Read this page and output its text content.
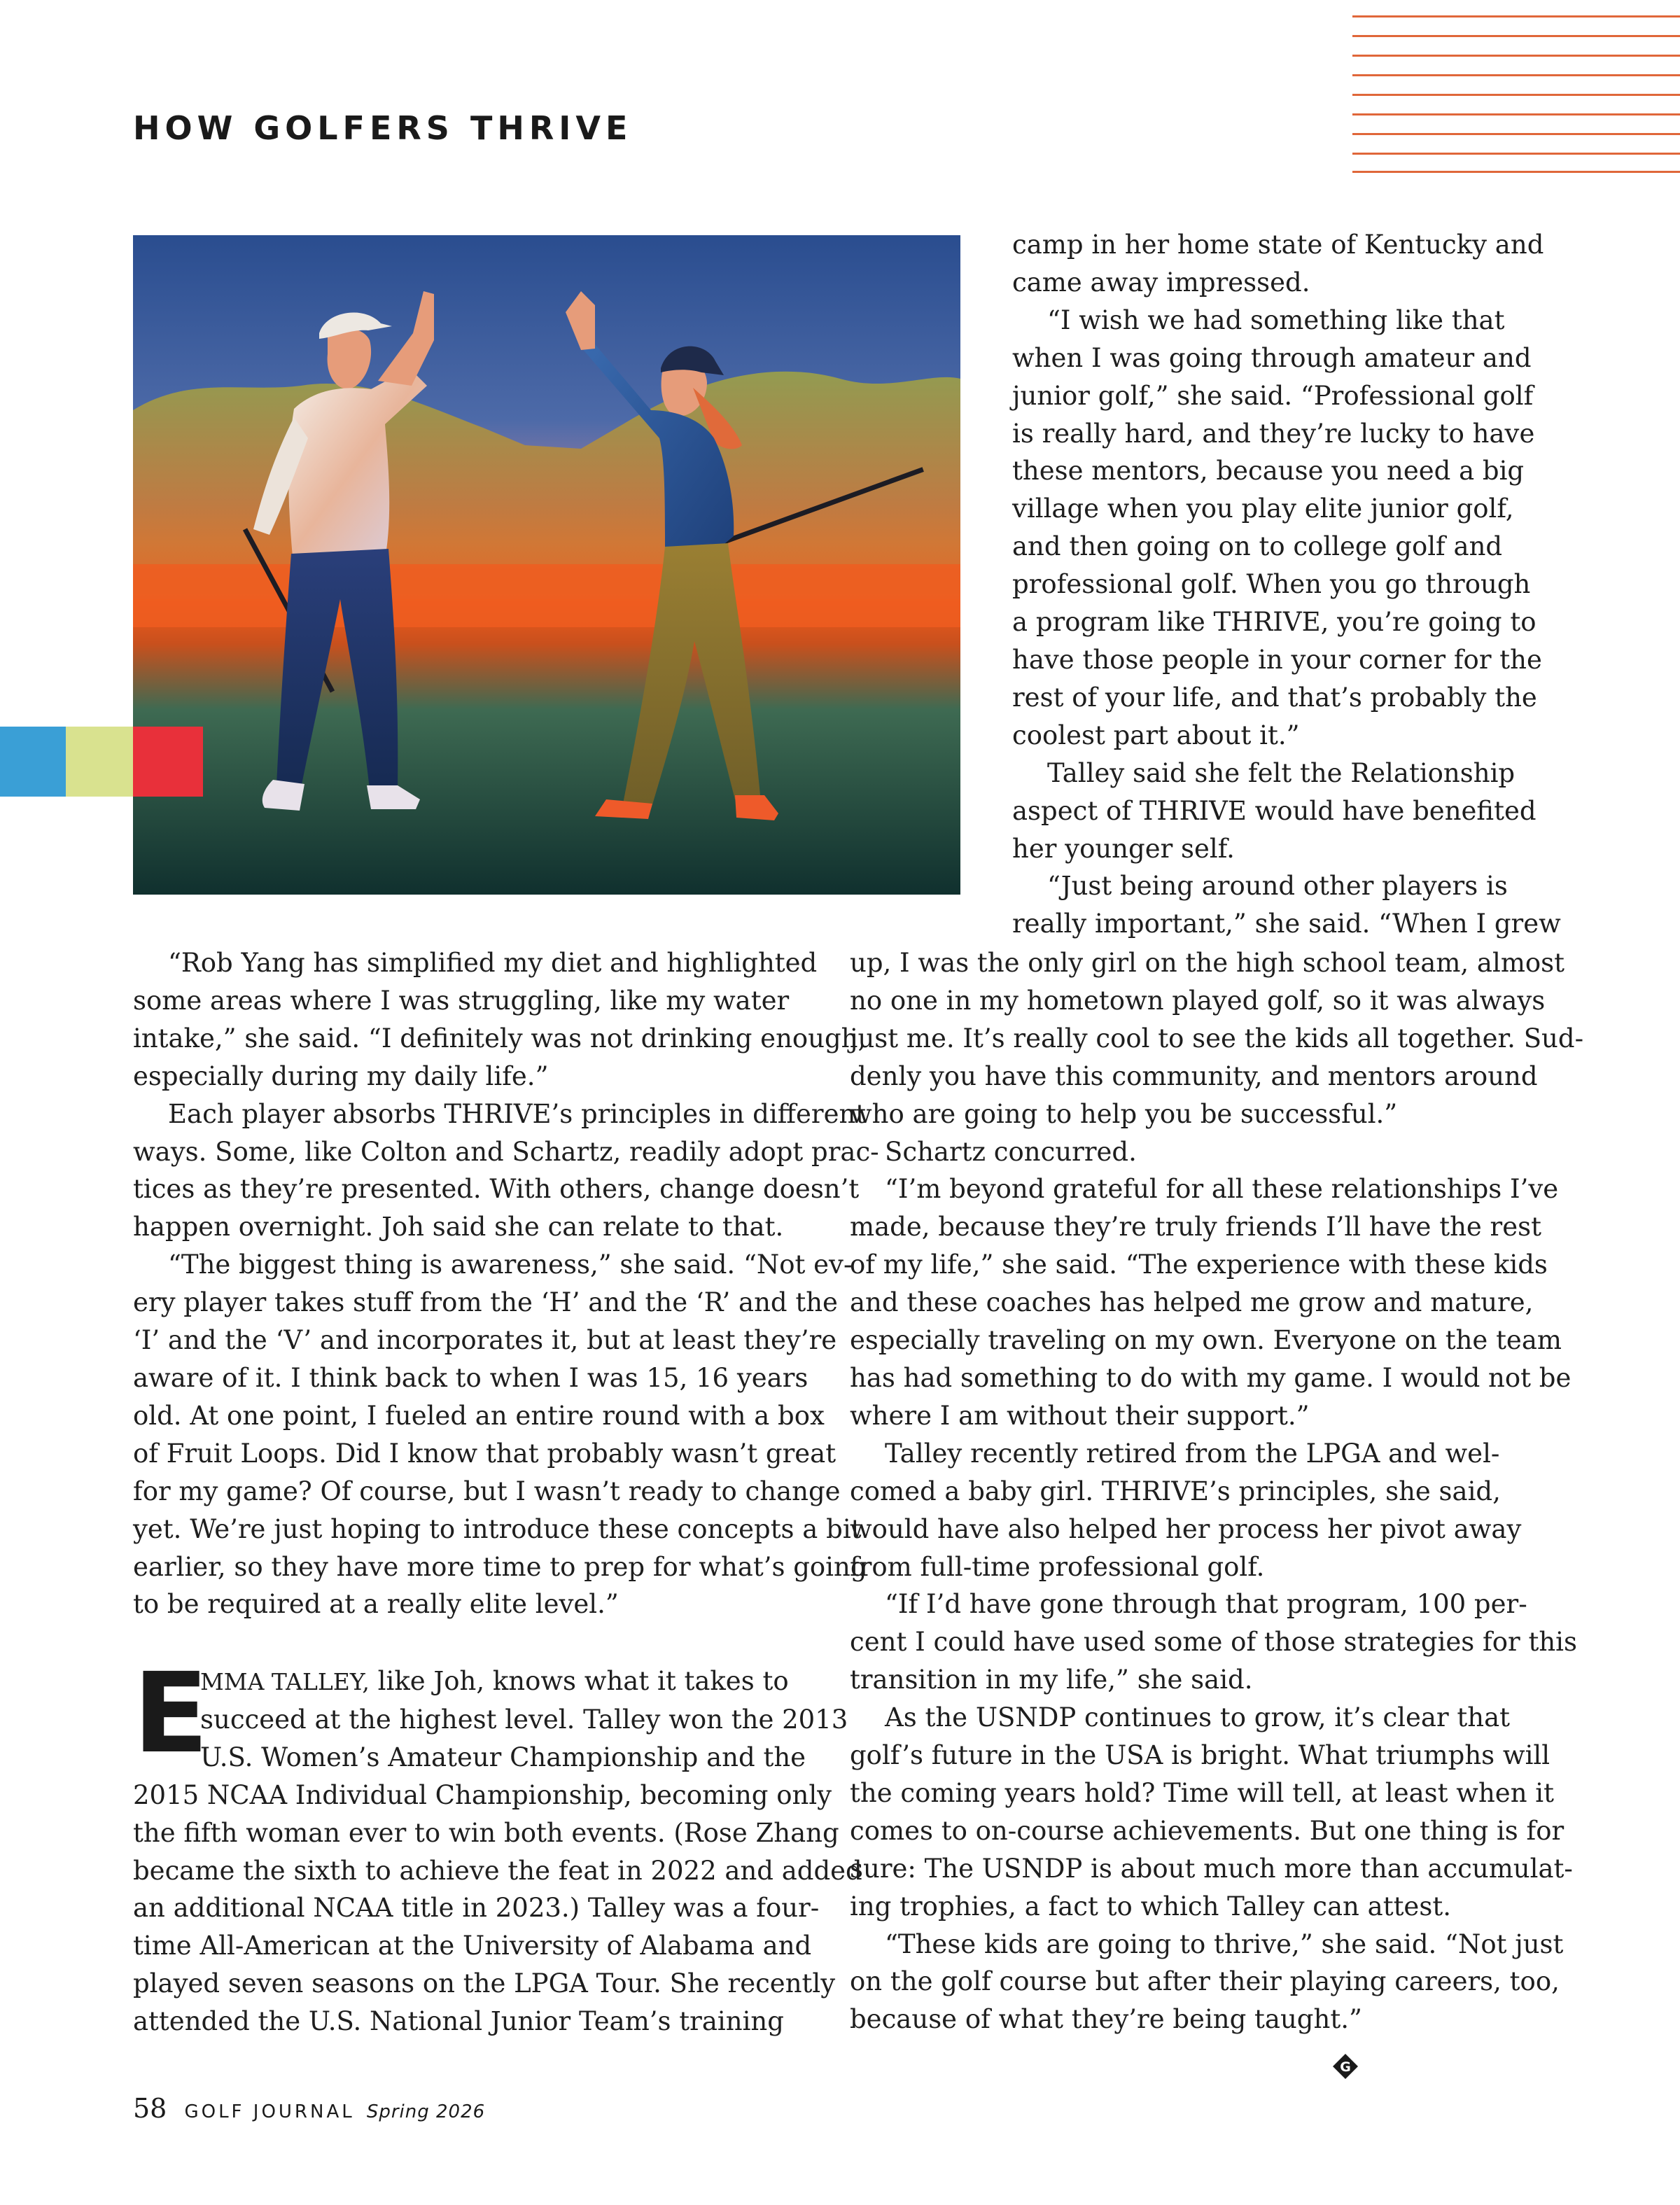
HOW GOLFERS THRIVE

camp in her home state of Kentucky and

came away impressed.

“I wish we had something like that

when I was going through amateur and

junior golf,” she said. “Professional golf

is really hard, and they’re lucky to have

these mentors, because you need a big

village when you play elite junior golf,

and then going on to college golf and

professional golf. When you go through

a program like THRIVE, you’re going to

have those people in your corner for the

rest of your life, and that’s probably the

coolest part about it.”

Talley said she felt the Relationship

aspect of THRIVE would have benefited

her younger self.

“Just being around other players is

really important,” she said. “When I grew

“Rob Yang has simplified my diet and highlighted

some areas where I was struggling, like my water

intake,” she said. “I definitely was not drinking enough,

especially during my daily life.”

Each player absorbs THRIVE’s principles in different

ways. Some, like Colton and Schartz, readily adopt prac-

tices as they’re presented. With others, change doesn’t

happen overnight. Joh said she can relate to that.

“The biggest thing is awareness,” she said. “Not ev-

ery player takes stuff from the ‘H’ and the ‘R’ and the

‘I’ and the ‘V’ and incorporates it, but at least they’re

aware of it. I think back to when I was 15, 16 years

old. At one point, I fueled an entire round with a box

of Fruit Loops. Did I know that probably wasn’t great

for my game? Of course, but I wasn’t ready to change

yet. We’re just hoping to introduce these concepts a bit

earlier, so they have more time to prep for what’s going

to be required at a really elite level.”

E

MMA TALLEY, like Joh, knows what it takes to

succeed at the highest level. Talley won the 2013

U.S. Women’s Amateur Championship and the

2015 NCAA Individual Championship, becoming only

the fifth woman ever to win both events. (Rose Zhang

became the sixth to achieve the feat in 2022 and added

an additional NCAA title in 2023.) Talley was a four-

time All-American at the University of Alabama and

played seven seasons on the LPGA Tour. She recently

attended the U.S. National Junior Team’s training

up, I was the only girl on the high school team, almost

no one in my hometown played golf, so it was always

just me. It’s really cool to see the kids all together. Sud-

denly you have this community, and mentors around

who are going to help you be successful.”

Schartz concurred.

“I’m beyond grateful for all these relationships I’ve

made, because they’re truly friends I’ll have the rest

of my life,” she said. “The experience with these kids

and these coaches has helped me grow and mature,

especially traveling on my own. Everyone on the team

has had something to do with my game. I would not be

where I am without their support.”

Talley recently retired from the LPGA and wel-

comed a baby girl. THRIVE’s principles, she said,

would have also helped her process her pivot away

from full-time professional golf.

“If I’d have gone through that program, 100 per-

cent I could have used some of those strategies for this

transition in my life,” she said.

As the USNDP continues to grow, it’s clear that

golf’s future in the USA is bright. What triumphs will

the coming years hold? Time will tell, at least when it

comes to on-course achievements. But one thing is for

sure: The USNDP is about much more than accumulat-

ing trophies, a fact to which Talley can attest.

“These kids are going to thrive,” she said. “Not just

on the golf course but after their playing careers, too,

because of what they’re being taught.”

G
58 GOLF JOURNAL Spring 2026
